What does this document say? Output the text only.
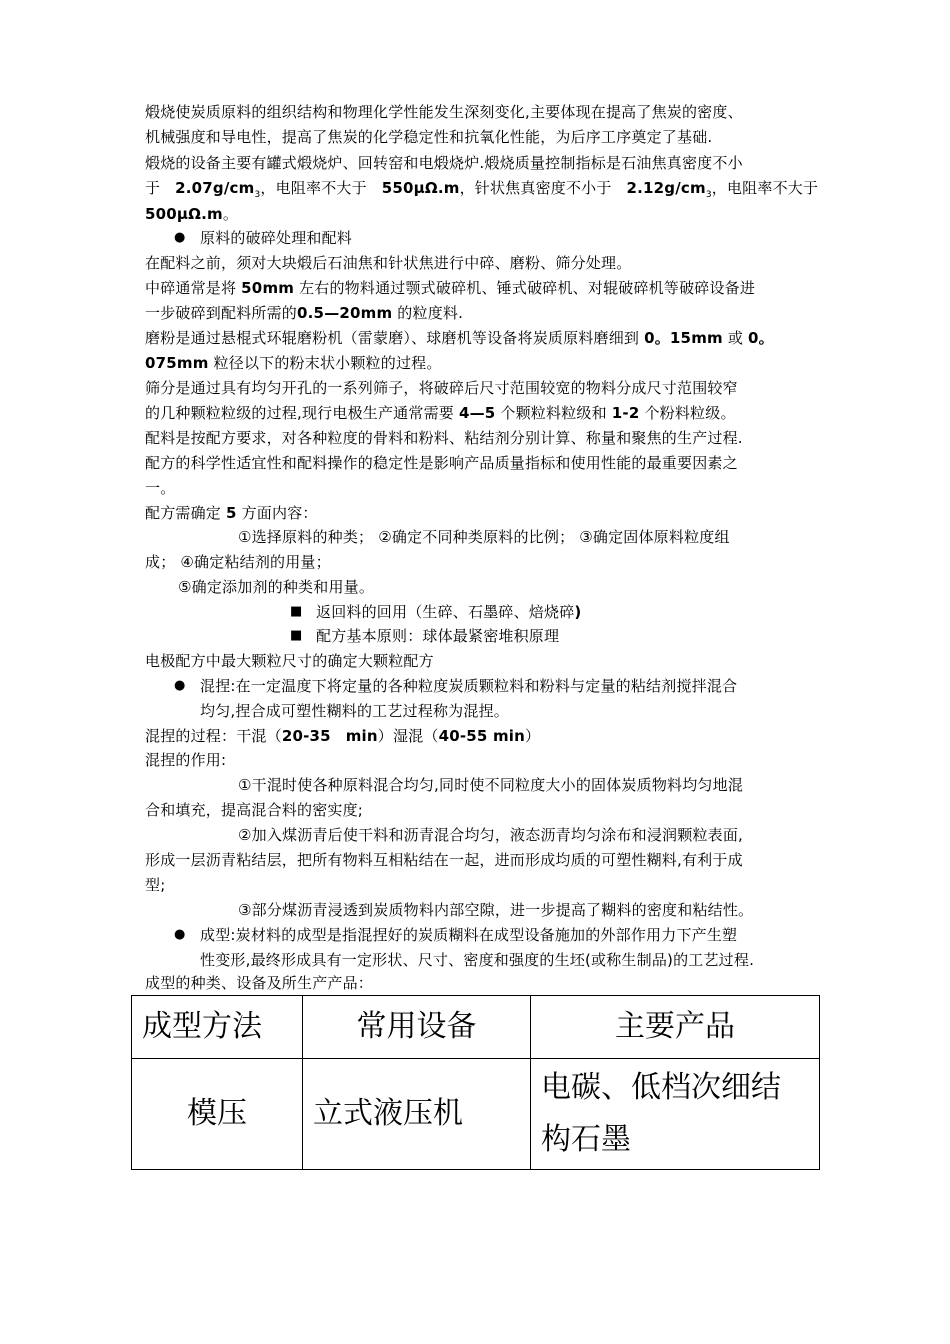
煅烧使炭质原料的组织结构和物理化学性能发生深刻变化,主要体现在提高了焦炭的密度、
机械强度和导电性，提高了焦炭的化学稳定性和抗氧化性能，为后序工序奠定了基础.
煅烧的设备主要有罐式煅烧炉、回转窑和电煅烧炉.煅烧质量控制指标是石油焦真密度不小
于 $2.07g/cm_3$，电阻率不大于 550μΩ.m，针状焦真密度不小于 $2.12g/cm_3$，电阻率不大于
500μΩ.m。
● 原料的破碎处理和配料
在配料之前，须对大块煅后石油焦和针状焦进行中碎、磨粉、筛分处理。
中碎通常是将 50mm 左右的物料通过颚式破碎机、锤式破碎机、对辊破碎机等破碎设备进
一步破碎到配料所需的0.5—20mm 的粒度料.
磨粉是通过悬棍式环辊磨粉机（雷蒙磨）、球磨机等设备将炭质原料磨细到 0。15mm 或 0。
075mm 粒径以下的粉末状小颗粒的过程。
筛分是通过具有均匀开孔的一系列筛子，将破碎后尺寸范围较宽的物料分成尺寸范围较窄
的几种颗粒粒级的过程,现行电极生产通常需要 4—5 个颗粒料粒级和 1-2 个粉料粒级。
配料是按配方要求，对各种粒度的骨料和粉料、粘结剂分别计算、称量和聚焦的生产过程.
配方的科学性适宜性和配料操作的稳定性是影响产品质量指标和使用性能的最重要因素之
一。
配方需确定 5 方面内容：
①选择原料的种类； ②确定不同种类原料的比例； ③确定固体原料粒度组
成； ④确定粘结剂的用量；
⑤确定添加剂的种类和用量。
■ 返回料的回用（生碎、石墨碎、焙烧碎)
■ 配方基本原则：球体最紧密堆积原理
电极配方中最大颗粒尺寸的确定大颗粒配方
● 混捏:在一定温度下将定量的各种粒度炭质颗粒料和粉料与定量的粘结剂搅拌混合
均匀,捏合成可塑性糊料的工艺过程称为混捏。
混捏的过程：干混（20-35 min）湿混（40-55 min）
混捏的作用:
①干混时使各种原料混合均匀,同时使不同粒度大小的固体炭质物料均匀地混
合和填充，提高混合料的密实度;
②加入煤沥青后使干料和沥青混合均匀，液态沥青均匀涂布和浸润颗粒表面,
形成一层沥青粘结层，把所有物料互相粘结在一起，进而形成均质的可塑性糊料,有利于成
型;
③部分煤沥青浸透到炭质物料内部空隙，进一步提高了糊料的密度和粘结性。
● 成型:炭材料的成型是指混捏好的炭质糊料在成型设备施加的外部作用力下产生塑
性变形,最终形成具有一定形状、尺寸、密度和强度的生坯(或称生制品)的工艺过程.
成型的种类、设备及所生产产品：
成型方法	常用设备	主要产品
模压	立式液压机	电碳、低档次细结构石墨
